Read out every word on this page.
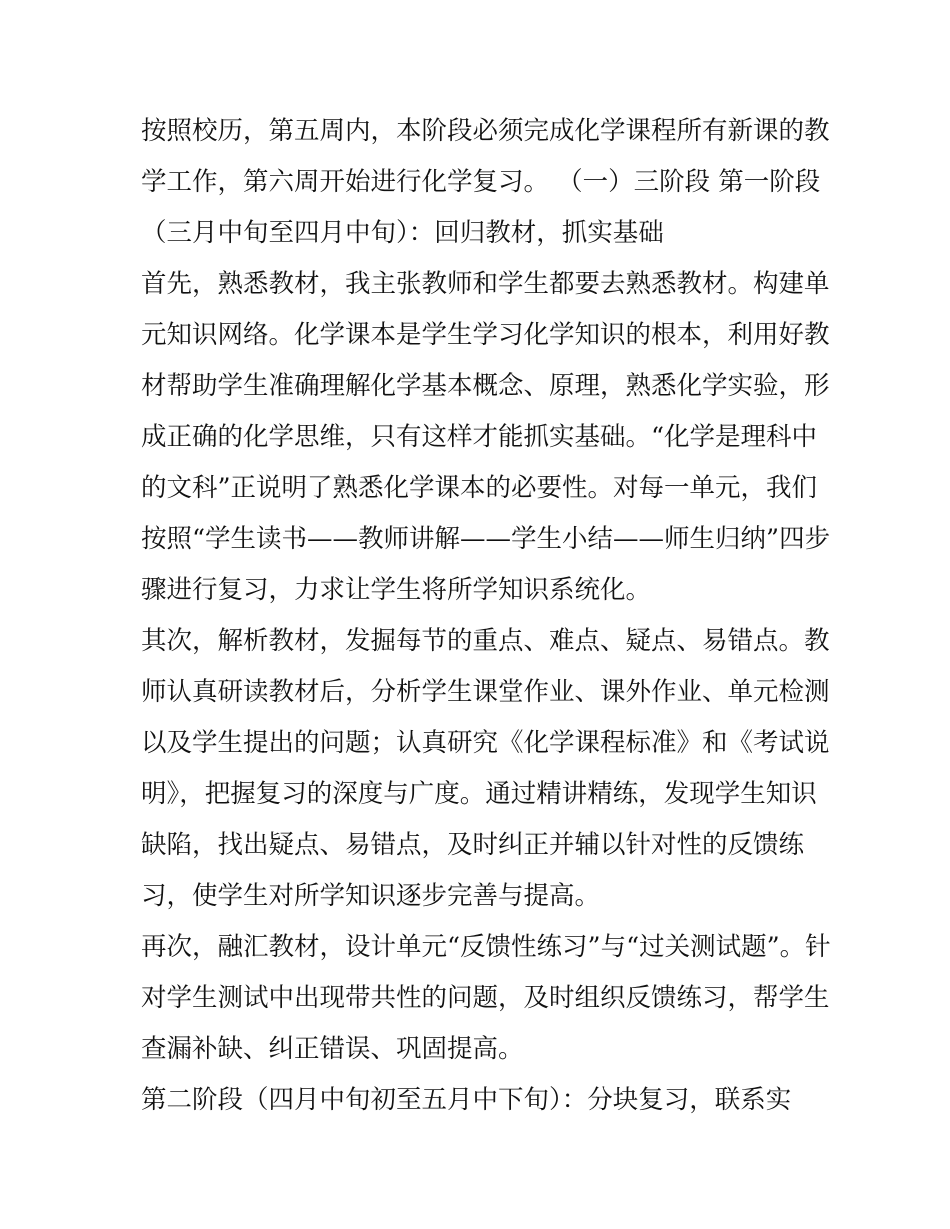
按照校历，第五周内，本阶段必须完成化学课程所有新课的教
学工作，第六周开始进行化学复习。 （一）三阶段 第一阶段
（三月中旬至四月中旬）：回归教材，抓实基础
首先，熟悉教材，我主张教师和学生都要去熟悉教材。构建单
元知识网络。化学课本是学生学习化学知识的根本，利用好教
材帮助学生准确理解化学基本概念、原理，熟悉化学实验，形
成正确的化学思维，只有这样才能抓实基础。“化学是理科中
的文科”正说明了熟悉化学课本的必要性。对每一单元，我们
按照“学生读书——教师讲解——学生小结——师生归纳”四步
骤进行复习，力求让学生将所学知识系统化。
其次，解析教材，发掘每节的重点、难点、疑点、易错点。教
师认真研读教材后，分析学生课堂作业、课外作业、单元检测
以及学生提出的问题；认真研究《化学课程标准》和《考试说
明》，把握复习的深度与广度。通过精讲精练，发现学生知识
缺陷，找出疑点、易错点，及时纠正并辅以针对性的反馈练
习，使学生对所学知识逐步完善与提高。
再次，融汇教材，设计单元“反馈性练习”与“过关测试题”。针
对学生测试中出现带共性的问题，及时组织反馈练习，帮学生
查漏补缺、纠正错误、巩固提高。
第二阶段（四月中旬初至五月中下旬）：分块复习，联系实
